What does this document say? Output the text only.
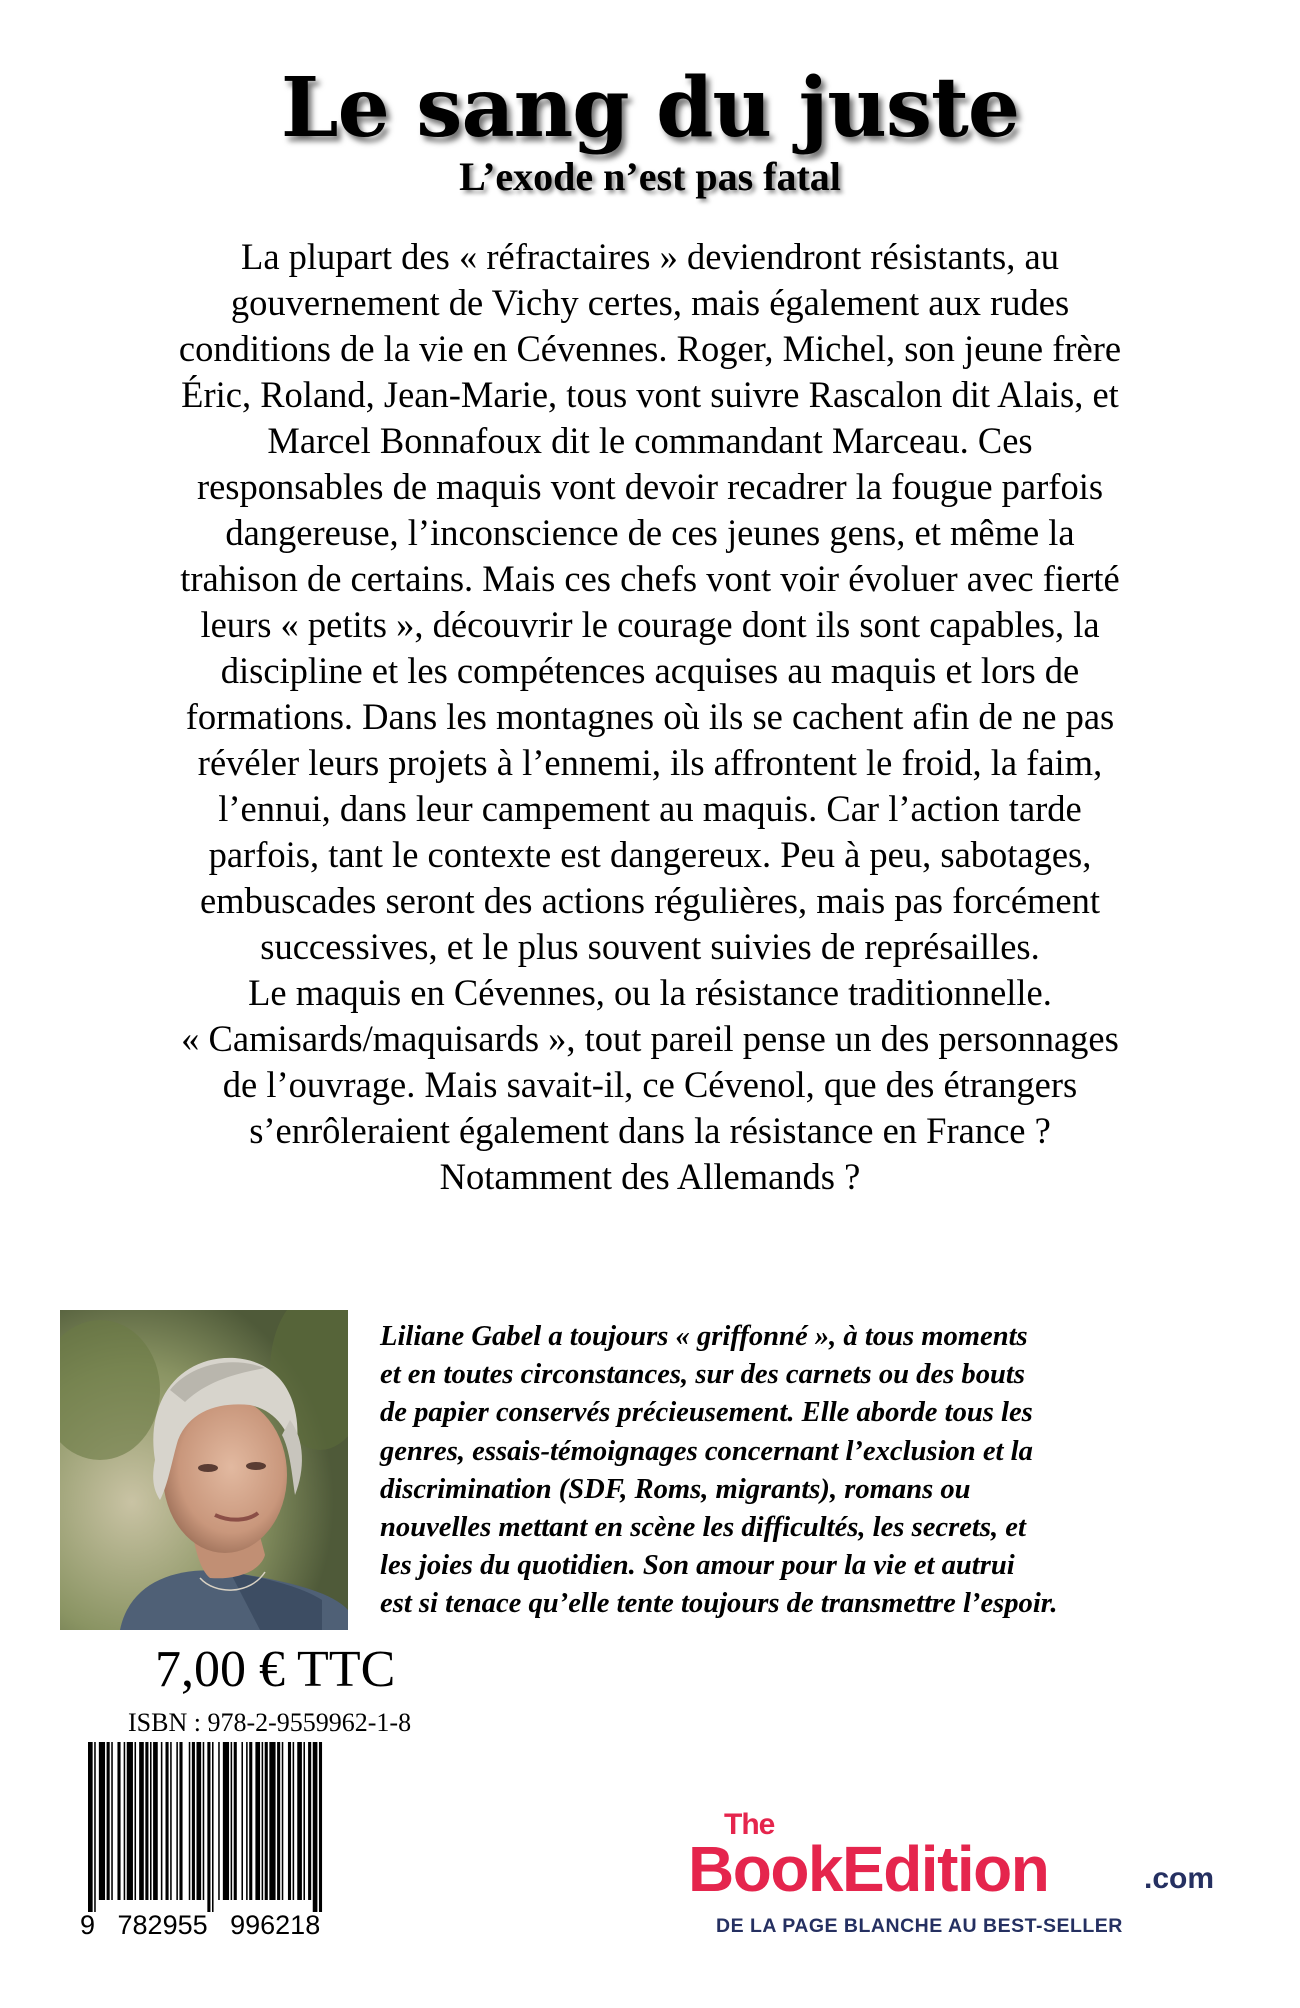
Le sang du juste
L’exode n’est pas fatal
La plupart des « réfractaires » deviendront résistants, au
gouvernement de Vichy certes, mais également aux rudes
conditions de la vie en Cévennes. Roger, Michel, son jeune frère
Éric, Roland, Jean-Marie, tous vont suivre Rascalon dit Alais, et
Marcel Bonnafoux dit le commandant Marceau. Ces
responsables de maquis vont devoir recadrer la fougue parfois
dangereuse, l’inconscience de ces jeunes gens, et même la
trahison de certains. Mais ces chefs vont voir évoluer avec fierté
leurs « petits », découvrir le courage dont ils sont capables, la
discipline et les compétences acquises au maquis et lors de
formations. Dans les montagnes où ils se cachent afin de ne pas
révéler leurs projets à l’ennemi, ils affrontent le froid, la faim,
l’ennui, dans leur campement au maquis. Car l’action tarde
parfois, tant le contexte est dangereux. Peu à peu, sabotages,
embuscades seront des actions régulières, mais pas forcément
successives, et le plus souvent suivies de représailles.
Le maquis en Cévennes, ou la résistance traditionnelle.
« Camisards/maquisards », tout pareil pense un des personnages
de l’ouvrage. Mais savait-il, ce Cévenol, que des étrangers
s’enrôleraient également dans la résistance en France ?
Notamment des Allemands ?
Liliane Gabel a toujours « griffonné », à tous moments
et en toutes circonstances, sur des carnets ou des bouts
de papier conservés précieusement. Elle aborde tous les
genres, essais-témoignages concernant l’exclusion et la
discrimination (SDF, Roms, migrants), romans ou
nouvelles mettant en scène les difficultés, les secrets, et
les joies du quotidien. Son amour pour la vie et autrui
est si tenace qu’elle tente toujours de transmettre l’espoir.
7,00 € TTC
ISBN : 978-2-9559962-1-8
9   782955   996218
The
BookEdition	.com
DE LA PAGE BLANCHE AU BEST-SELLER
